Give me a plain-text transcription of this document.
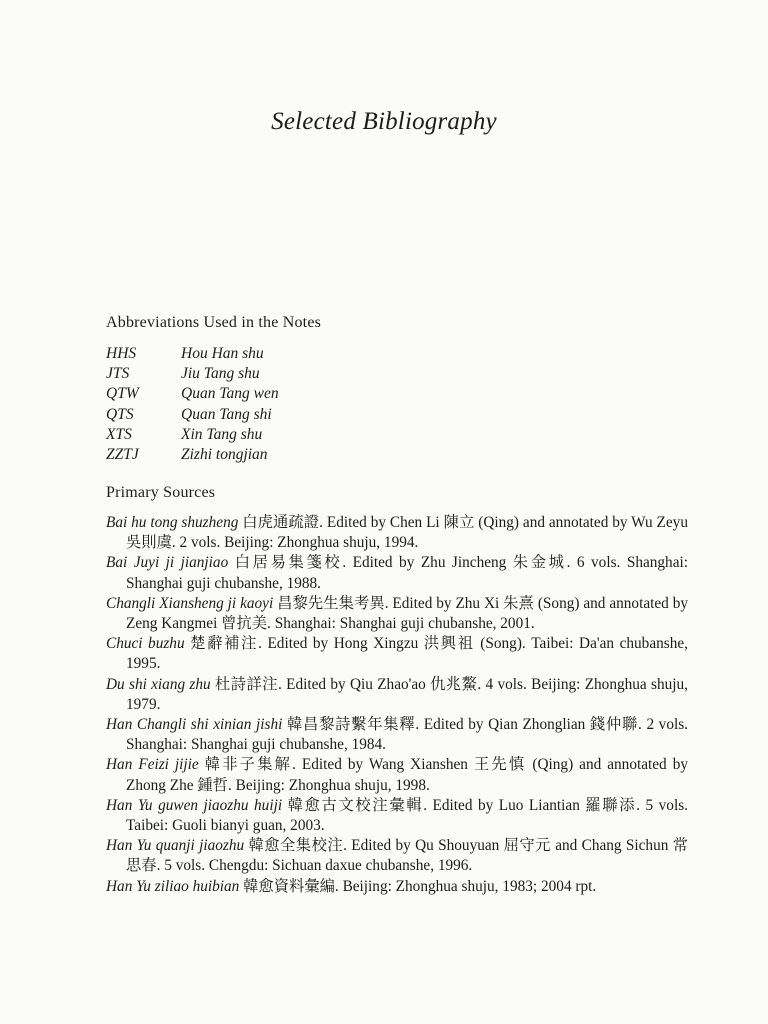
Selected Bibliography
Abbreviations Used in the Notes
HHS	Hou Han shu
JTS	Jiu Tang shu
QTW	Quan Tang wen
QTS	Quan Tang shi
XTS	Xin Tang shu
ZZTJ	Zizhi tongjian
Primary Sources
Bai hu tong shuzheng 白虎通疏證. Edited by Chen Li 陳立 (Qing) and annotated by Wu Zeyu 吳則虞. 2 vols. Beijing: Zhonghua shuju, 1994.
Bai Juyi ji jianjiao 白居易集箋校. Edited by Zhu Jincheng 朱金城. 6 vols. Shanghai: Shanghai guji chubanshe, 1988.
Changli Xiansheng ji kaoyi 昌黎先生集考異. Edited by Zhu Xi 朱熹 (Song) and annotated by Zeng Kangmei 曾抗美. Shanghai: Shanghai guji chubanshe, 2001.
Chuci buzhu 楚辭補注. Edited by Hong Xingzu 洪興祖 (Song). Taibei: Da'an chubanshe, 1995.
Du shi xiang zhu 杜詩詳注. Edited by Qiu Zhao'ao 仇兆鰲. 4 vols. Beijing: Zhonghua shuju, 1979.
Han Changli shi xinian jishi 韓昌黎詩繫年集釋. Edited by Qian Zhonglian 錢仲聯. 2 vols. Shanghai: Shanghai guji chubanshe, 1984.
Han Feizi jijie 韓非子集解. Edited by Wang Xianshen 王先慎 (Qing) and annotated by Zhong Zhe 鍾哲. Beijing: Zhonghua shuju, 1998.
Han Yu guwen jiaozhu huiji 韓愈古文校注彙輯. Edited by Luo Liantian 羅聯添. 5 vols. Taibei: Guoli bianyi guan, 2003.
Han Yu quanji jiaozhu 韓愈全集校注. Edited by Qu Shouyuan 屈守元 and Chang Sichun 常思春. 5 vols. Chengdu: Sichuan daxue chubanshe, 1996.
Han Yu ziliao huibian 韓愈資料彙編. Beijing: Zhonghua shuju, 1983; 2004 rpt.
